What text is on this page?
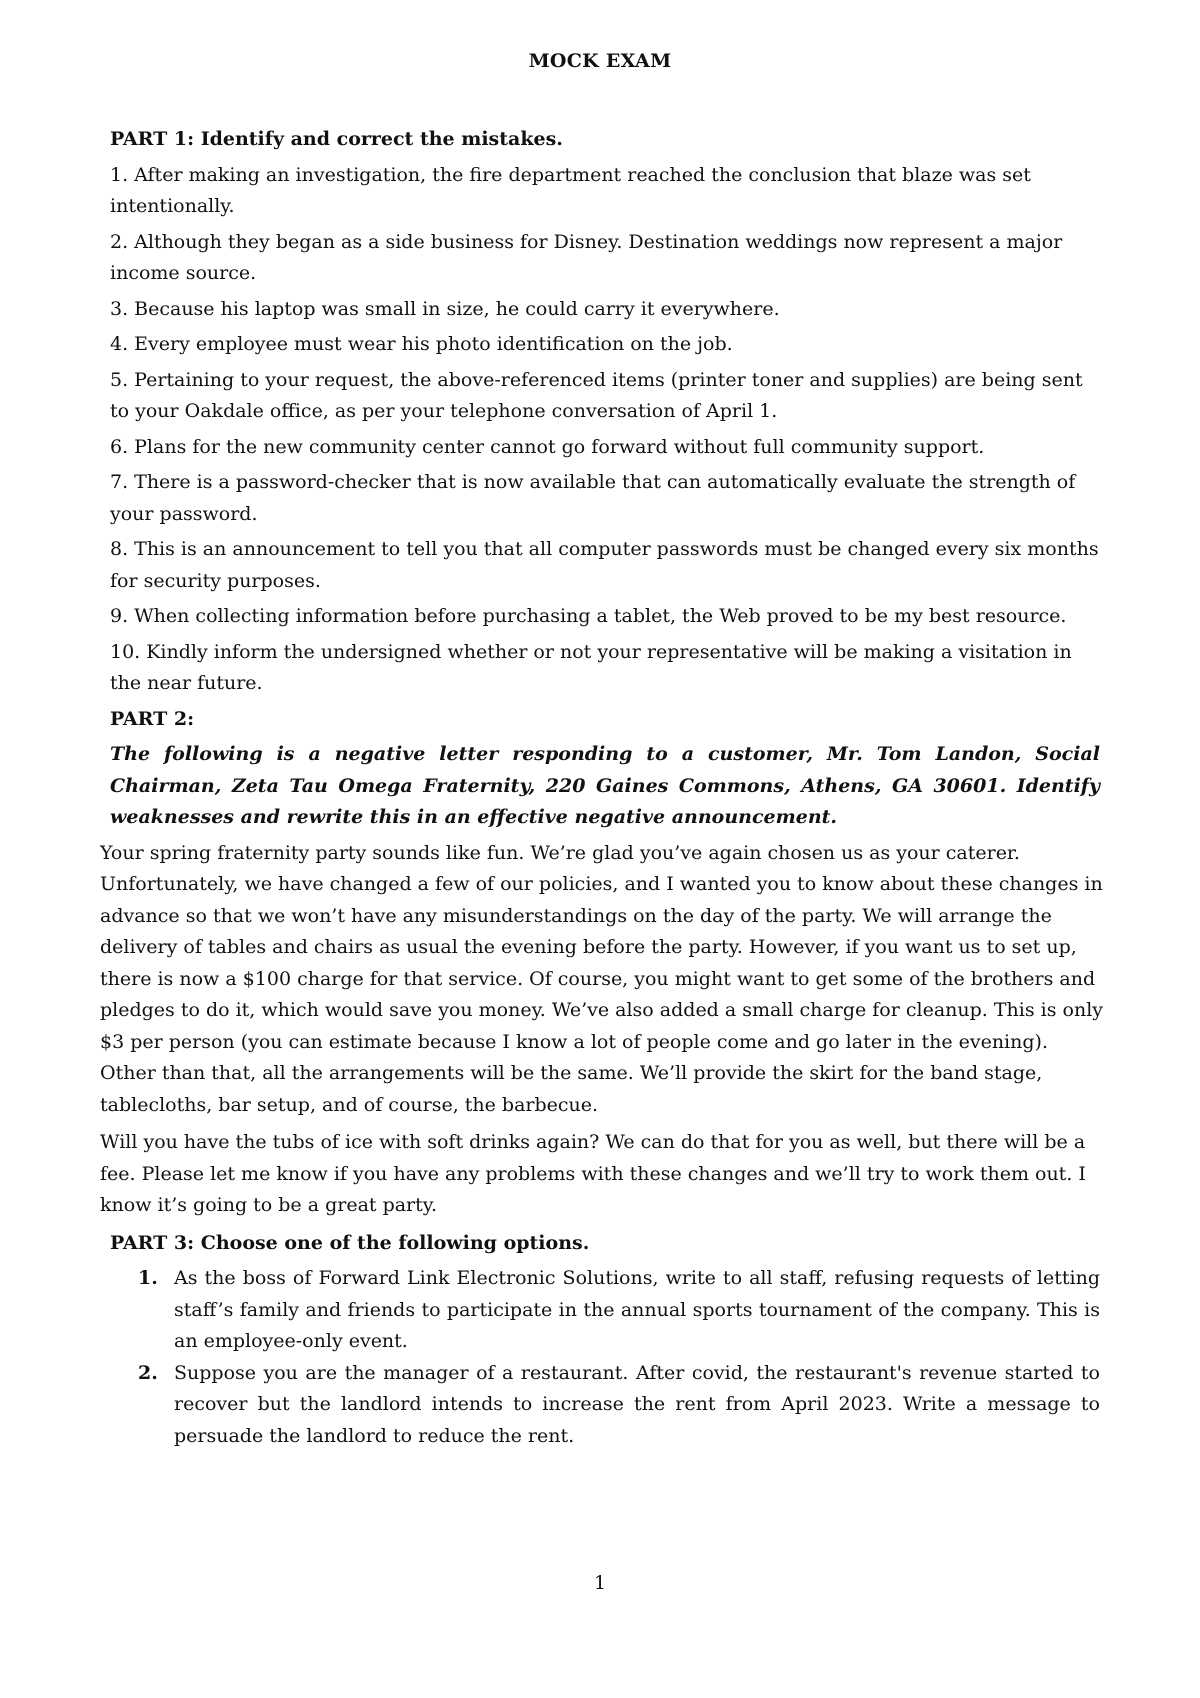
MOCK EXAM
PART 1: Identify and correct the mistakes.
1. After making an investigation, the fire department reached the conclusion that blaze was set intentionally.
2. Although they began as a side business for Disney. Destination weddings now represent a major income source.
3. Because his laptop was small in size, he could carry it everywhere.
4. Every employee must wear his photo identification on the job.
5. Pertaining to your request, the above-referenced items (printer toner and supplies) are being sent to your Oakdale office, as per your telephone conversation of April 1.
6. Plans for the new community center cannot go forward without full community support.
7. There is a password-checker that is now available that can automatically evaluate the strength of your password.
8. This is an announcement to tell you that all computer passwords must be changed every six months for security purposes.
9. When collecting information before purchasing a tablet, the Web proved to be my best resource.
10. Kindly inform the undersigned whether or not your representative will be making a visitation in the near future.
PART 2:
The following is a negative letter responding to a customer, Mr. Tom Landon, Social Chairman, Zeta Tau Omega Fraternity, 220 Gaines Commons, Athens, GA 30601. Identify weaknesses and rewrite this in an effective negative announcement.
Your spring fraternity party sounds like fun. We’re glad you’ve again chosen us as your caterer. Unfortunately, we have changed a few of our policies, and I wanted you to know about these changes in advance so that we won’t have any misunderstandings on the day of the party. We will arrange the delivery of tables and chairs as usual the evening before the party. However, if you want us to set up, there is now a $100 charge for that service. Of course, you might want to get some of the brothers and pledges to do it, which would save you money. We’ve also added a small charge for cleanup. This is only $3 per person (you can estimate because I know a lot of people come and go later in the evening). Other than that, all the arrangements will be the same. We’ll provide the skirt for the band stage, tablecloths, bar setup, and of course, the barbecue.
Will you have the tubs of ice with soft drinks again? We can do that for you as well, but there will be a fee. Please let me know if you have any problems with these changes and we’ll try to work them out. I know it’s going to be a great party.
PART 3: Choose one of the following options.
1. As the boss of Forward Link Electronic Solutions, write to all staff, refusing requests of letting staff’s family and friends to participate in the annual sports tournament of the company. This is an employee-only event.
2. Suppose you are the manager of a restaurant. After covid, the restaurant's revenue started to recover but the landlord intends to increase the rent from April 2023. Write a message to persuade the landlord to reduce the rent.
1
